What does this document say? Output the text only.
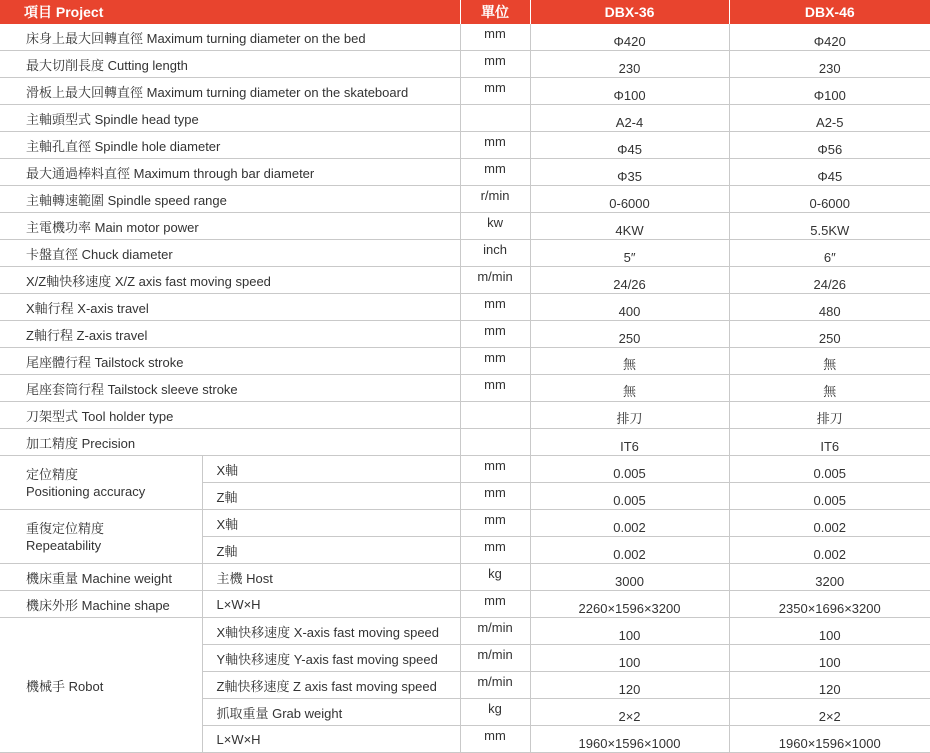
項目 Project		單位	DBX-36	DBX-46
床身上最大回轉直徑 Maximum turning diameter on the bed		mm	Φ420	Φ420
最大切削長度 Cutting length		mm	230	230
滑板上最大回轉直徑 Maximum turning diameter on the skateboard		mm	Φ100	Φ100
主軸頭型式 Spindle head type			A2-4	A2-5
主軸孔直徑 Spindle hole diameter		mm	Φ45	Φ56
最大通過棒料直徑 Maximum through bar diameter		mm	Φ35	Φ45
主軸轉速範圍 Spindle speed range		r/min	0-6000	0-6000
主電機功率 Main motor power		kw	4KW	5.5KW
卡盤直徑 Chuck diameter		inch	5″	6″
X/Z軸快移速度 X/Z axis fast moving speed		m/min	24/26	24/26
X軸行程 X-axis travel		mm	400	480
Z軸行程 Z-axis travel		mm	250	250
尾座體行程 Tailstock stroke		mm	無	無
尾座套筒行程 Tailstock sleeve stroke		mm	無	無
刀架型式 Tool holder type			排刀	排刀
加工精度 Precision			IT6	IT6

定位精度
Positioning accuracy	X軸	mm	0.005	0.005
	Z軸	mm	0.005	0.005

重復定位精度
Repeatability	X軸	mm	0.002	0.002
	Z軸	mm	0.002	0.002
機床重量 Machine weight	主機 Host	kg	3000	3200
機床外形 Machine shape	L×W×H	mm	2260×1596×3200	2350×1696×3200
機械手 Robot	X軸快移速度 X-axis fast moving speed	m/min	100	100
	Y軸快移速度 Y-axis fast moving speed	m/min	100	100
	Z軸快移速度 Z axis fast moving speed	m/min	120	120
	抓取重量 Grab weight	kg	2×2	2×2
	L×W×H	mm	1960×1596×1000	1960×1596×1000
